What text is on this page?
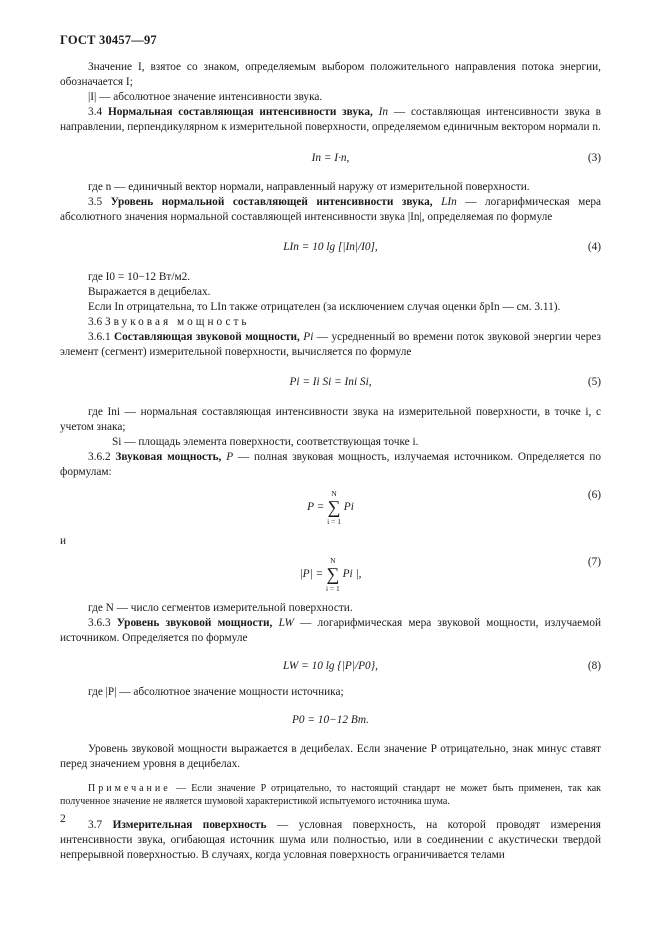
ГОСТ 30457—97

Значение I, взятое со знаком, определяемым выбором положительного направления потока энергии, обозначается I;

|I| — абсолютное значение интенсивности звука.

3.4 Нормальная составляющая интенсивности звука, In — составляющая интенсивности звука в направлении, перпендикулярном к измерительной поверхности, определяемом единичным вектором нормали n.

In = I·n,	(3)

где n — единичный вектор нормали, направленный наружу от измерительной поверхности.

3.5 Уровень нормальной составляющей интенсивности звука, LIn — логарифмическая мера абсолютного значения нормальной составляющей интенсивности звука |In|, определяемая по формуле

LIn = 10 lg [|In|/I0],	(4)

где I0 = 10−12 Вт/м2.

Выражается в децибелах.

Если In отрицательна, то LIn также отрицателен (за исключением случая оценки δpIn — см. 3.11).

3.6 Звуковая мощность

3.6.1 Составляющая звуковой мощности, Pi — усредненный во времени поток звуковой энергии через элемент (сегмент) измерительной поверхности, вычисляется по формуле

Pi = Ii Si = Ini Si,	(5)

где Ini — нормальная составляющая интенсивности звука на измерительной поверхности, в точке i, с учетом знака;

Si — площадь элемента поверхности, соответствующая точке i.

3.6.2 Звуковая мощность, P — полная звуковая мощность, излучаемая источником. Определяется по формулам:

P =
N
∑
i = 1
Pi
(6)

и

|P| =
N
∑
i = 1
Pi |,
(7)

где N — число сегментов измерительной поверхности.

3.6.3 Уровень звуковой мощности, LW — логарифмическая мера звуковой мощности, излучаемой источником. Определяется по формуле

LW = 10 lg {|P|/P0},	(8)

где |P| — абсолютное значение мощности источника;

P0 = 10−12 Вт.

Уровень звуковой мощности выражается в децибелах. Если значение P отрицательно, знак минус ставят перед значением уровня в децибелах.

Примечание — Если значение P отрицательно, то настоящий стандарт не может быть применен, так как полученное значение не является шумовой характеристикой испытуемого источника шума.

3.7 Измерительная поверхность — условная поверхность, на которой проводят измерения интенсивности звука, огибающая источник шума или полностью, или в соединении с акустически твердой непрерывной поверхностью. В случаях, когда условная поверхность ограничивается телами

2
